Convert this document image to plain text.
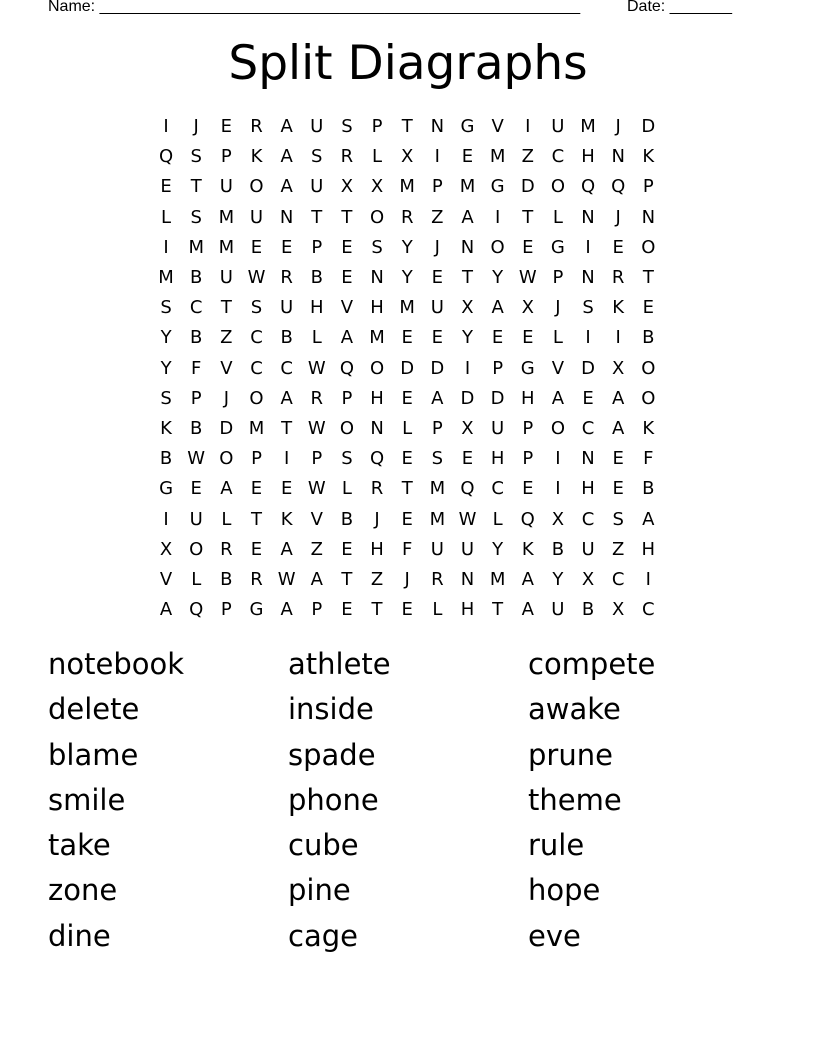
Name: ______________________________________________________	Date: _______
Split Diagraphs
I	J	E	R A U S	P	T N G V	I	U M	J	D
Q S	P	K	A	S	R	L	X	I	E M Z C H N K
E	T	U O A U X X M P M G D O Q Q P
L	S M U N T	T O R Z A	I	T	L	N	J	N
I	M M E	E	P	E	S	Y	J	N O E G	I	E O
M B U W R B	E N Y	E	T	Y W P N R	T
S	C	T	S U H V H M U X A X	J	S	K	E
Y	B Z C B	L	A M E	E	Y	E	E	L	I	I	B
Y	F	V C C W Q O D D	I	P G V D X O
S	P	J	O A R	P H E	A D D H A	E	A O
K	B D M T W O N	L	P	X U	P O C A	K
B W O P	I	P	S Q E	S	E H P	I	N E	F
G E	A	E	E W L	R	T M Q C	E	I	H E	B
I	U	L	T	K	V B	J	E M W L	Q X C	S	A
X O R	E	A Z	E H	F	U U	Y	K	B U Z H
V	L	B R W A	T	Z	J	R N M A	Y	X C	I
A Q P G A	P	E	T	E	L	H T	A U B X C
notebook	athlete	compete
delete	inside	awake
blame	spade	prune
smile	phone	theme
take	cube	rule
zone	pine	hope
dine	cage	eve
